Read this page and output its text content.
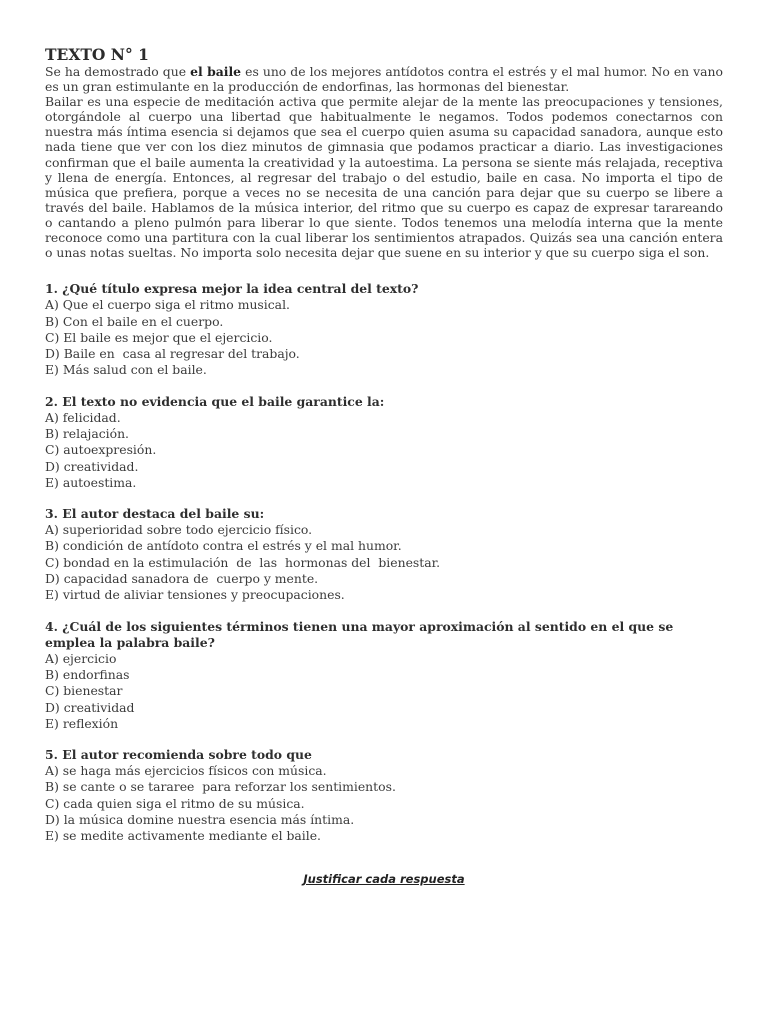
TEXTO N° 1

Se ha demostrado que el baile es uno de los mejores antídotos contra el estrés y el mal humor. No en vano es un gran estimulante en la producción de endorfinas, las hormonas del bienestar.

Bailar es una especie de meditación activa que permite alejar de la mente las preocupaciones y tensiones, otorgándole al cuerpo una libertad que habitualmente le negamos. Todos podemos conectarnos con nuestra más íntima esencia si dejamos que sea el cuerpo quien asuma su capacidad sanadora, aunque esto nada tiene que ver con los diez minutos de gimnasia que podamos practicar a diario. Las investigaciones confirman que el baile aumenta la creatividad y la autoestima. La persona se siente más relajada, receptiva y llena de energía. Entonces, al regresar del trabajo o del estudio, baile en casa. No importa el tipo de música que prefiera, porque a veces no se necesita de una canción para dejar que su cuerpo se libere a través del baile. Hablamos de la música interior, del ritmo que su cuerpo es capaz de expresar tarareando o cantando a pleno pulmón para liberar lo que siente. Todos tenemos una melodía interna que la mente reconoce como una partitura con la cual liberar los sentimientos atrapados. Quizás sea una canción entera o unas notas sueltas. No importa solo necesita dejar que suene en su interior y que su cuerpo siga el son.

1. ¿Qué título expresa mejor la idea central del texto?

A) Que el cuerpo siga el ritmo musical.
B) Con el baile en el cuerpo.
C) El baile es mejor que el ejercicio.
D) Baile en  casa al regresar del trabajo.
E) Más salud con el baile.

2. El texto no evidencia que el baile garantice la:

A) felicidad.
B) relajación.
C) autoexpresión.
D) creatividad.
E) autoestima.

3. El autor destaca del baile su:

A) superioridad sobre todo ejercicio físico.
B) condición de antídoto contra el estrés y el mal humor.
C) bondad en la estimulación  de  las  hormonas del  bienestar.
D) capacidad sanadora de  cuerpo y mente.
E) virtud de aliviar tensiones y preocupaciones.

4. ¿Cuál de los siguientes términos tienen una mayor aproximación al sentido en el que se emplea la palabra baile?

A) ejercicio
B) endorfinas
C) bienestar
D) creatividad
E) reflexión

5. El autor recomienda sobre todo que

A) se haga más ejercicios físicos con música.
B) se cante o se tararee  para reforzar los sentimientos.
C) cada quien siga el ritmo de su música.
D) la música domine nuestra esencia más íntima.
E) se medite activamente mediante el baile.
Justificar cada respuesta
